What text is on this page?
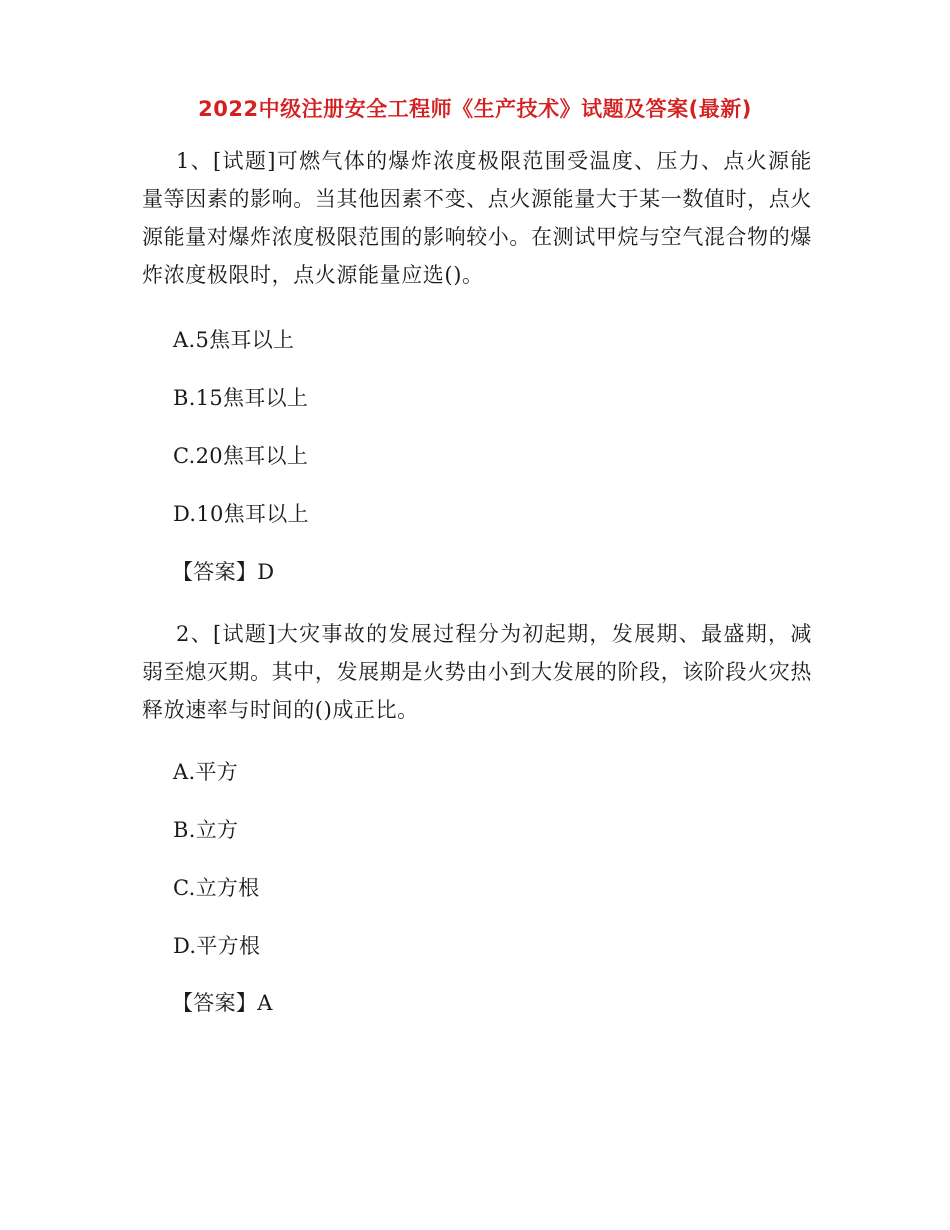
2022中级注册安全工程师《生产技术》试题及答案(最新)
1、[试题]可燃气体的爆炸浓度极限范围受温度、压力、点火源能量等因素的影响。当其他因素不变、点火源能量大于某一数值时，点火源能量对爆炸浓度极限范围的影响较小。在测试甲烷与空气混合物的爆炸浓度极限时，点火源能量应选()。
A.5焦耳以上
B.15焦耳以上
C.20焦耳以上
D.10焦耳以上
【答案】D
2、[试题]大灾事故的发展过程分为初起期，发展期、最盛期，减弱至熄灭期。其中，发展期是火势由小到大发展的阶段，该阶段火灾热释放速率与时间的()成正比。
A.平方
B.立方
C.立方根
D.平方根
【答案】A
